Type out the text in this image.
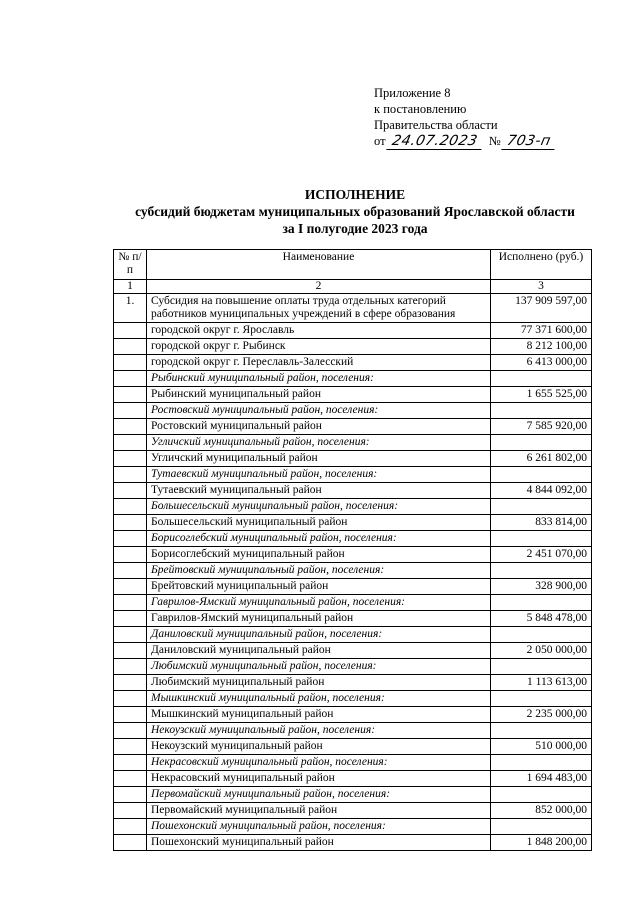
Приложение 8
к постановлению
Правительства области
от 24.07.2023 № 703-п
ИСПОЛНЕНИЕ
субсидий бюджетам муниципальных образований Ярославской области
за I полугодие 2023 года
№ п/п	Наименование	Исполнено (руб.)
1	2	3
1.	Субсидия на повышение оплаты труда отдельных категорий работников муниципальных учреждений в сфере образования	137 909 597,00
	городской округ г. Ярославль	77 371 600,00
	городской округ г. Рыбинск	8 212 100,00
	городской округ г. Переславль-Залесский	6 413 000,00
	Рыбинский муниципальный район, поселения:	
	Рыбинский муниципальный район	1 655 525,00
	Ростовский муниципальный район, поселения:	
	Ростовский муниципальный район	7 585 920,00
	Угличский муниципальный район, поселения:	
	Угличский муниципальный район	6 261 802,00
	Тутаевский муниципальный район, поселения:	
	Тутаевский муниципальный район	4 844 092,00
	Большесельский муниципальный район, поселения:	
	Большесельский муниципальный район	833 814,00
	Борисоглебский муниципальный район, поселения:	
	Борисоглебский муниципальный район	2 451 070,00
	Брейтовский муниципальный район, поселения:	
	Брейтовский муниципальный район	328 900,00
	Гаврилов-Ямский муниципальный район, поселения:	
	Гаврилов-Ямский муниципальный район	5 848 478,00
	Даниловский муниципальный район, поселения:	
	Даниловский муниципальный район	2 050 000,00
	Любимский муниципальный район, поселения:	
	Любимский муниципальный район	1 113 613,00
	Мышкинский муниципальный район, поселения:	
	Мышкинский муниципальный район	2 235 000,00
	Некоузский муниципальный район, поселения:	
	Некоузский муниципальный район	510 000,00
	Некрасовский муниципальный район, поселения:	
	Некрасовский муниципальный район	1 694 483,00
	Первомайский муниципальный район, поселения:	
	Первомайский муниципальный район	852 000,00
	Пошехонский муниципальный район, поселения:	
	Пошехонский муниципальный район	1 848 200,00
